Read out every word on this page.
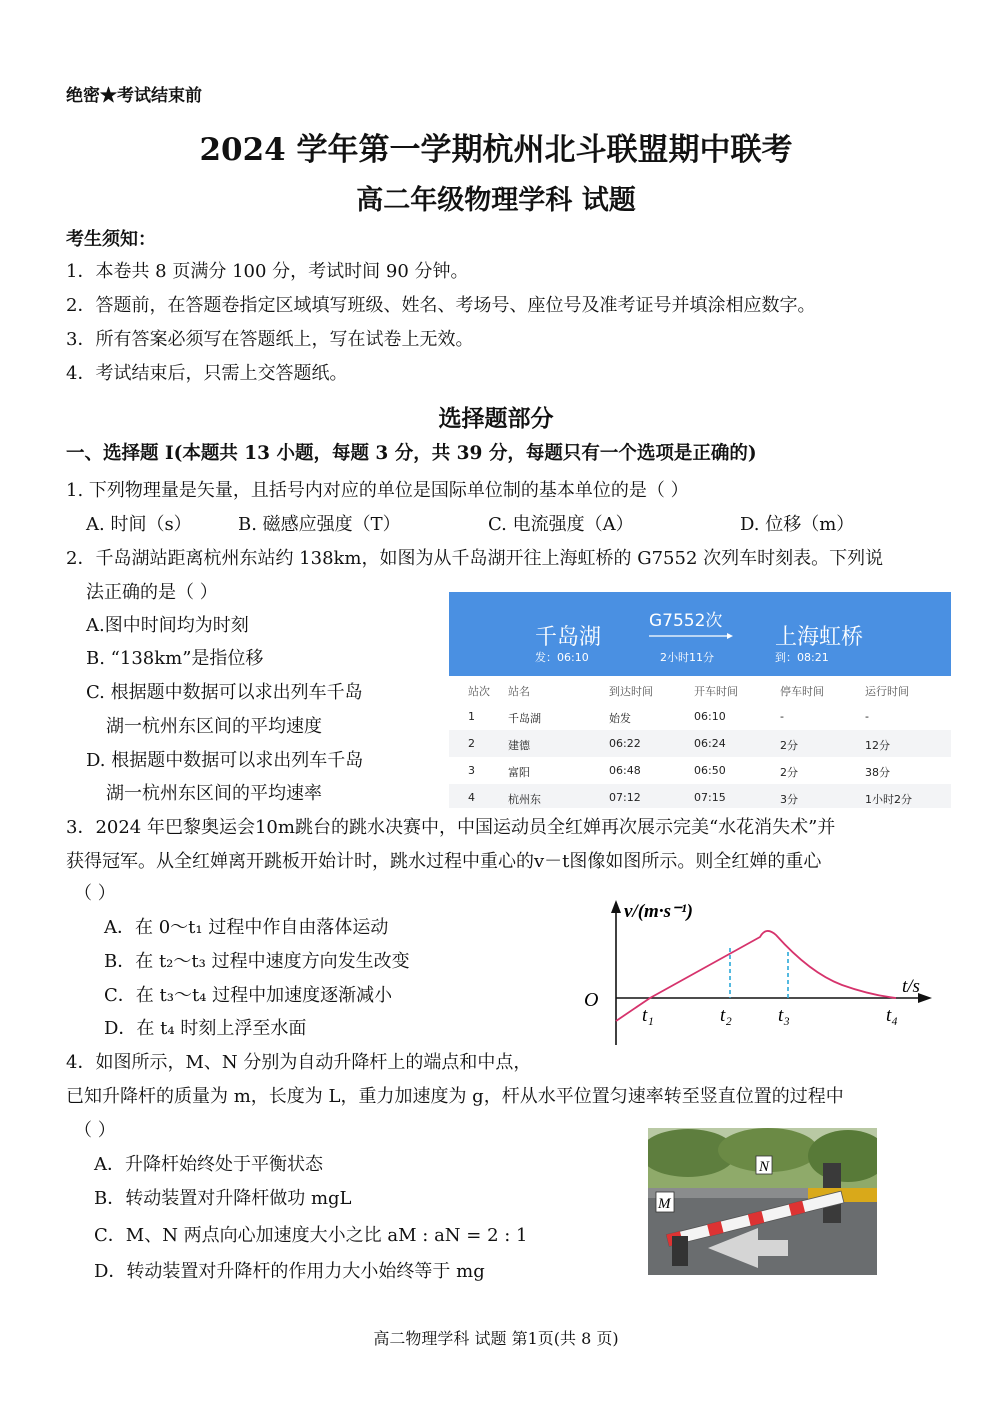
绝密★考试结束前
2024 学年第一学期杭州北斗联盟期中联考
高二年级物理学科 试题
考生须知：
1．本卷共 8 页满分 100 分，考试时间 90 分钟。
2．答题前，在答题卷指定区域填写班级、姓名、考场号、座位号及准考证号并填涂相应数字。
3．所有答案必须写在答题纸上，写在试卷上无效。
4．考试结束后，只需上交答题纸。
选择题部分
一、选择题 I(本题共 13 小题，每题 3 分，共 39 分，每题只有一个选项是正确的)
1. 下列物理量是矢量，且括号内对应的单位是国际单位制的基本单位的是（ ）
A. 时间（s）	B. 磁感应强度（T）	C. 电流强度（A）	D. 位移（m）
2．千岛湖站距离杭州东站约 138km，如图为从千岛湖开往上海虹桥的 G7552 次列车时刻表。下列说
法正确的是（ ）
A.图中时间均为时刻
B. “138km”是指位移
C. 根据题中数据可以求出列车千岛
湖一杭州东区间的平均速度
D. 根据题中数据可以求出列车千岛
湖一杭州东区间的平均速率
千岛湖
发：06:10
G7552次
2小时11分
上海虹桥
到：08:21
站次 站名	到达时间	开车时间	停车时间	运行时间
1	千岛湖	始发	06:10	-	-
2	建德	06:22	06:24	2分	12分
3	富阳	06:48	06:50	2分	38分
4	杭州东	07:12	07:15	3分	1小时2分
3．2024 年巴黎奥运会10m跳台的跳水决赛中，中国运动员全红婵再次展示完美“水花消失术”并
获得冠军。从全红婵离开跳板开始计时，跳水过程中重心的v－t图像如图所示。则全红婵的重心
（ ）
A．在 0～t₁ 过程中作自由落体运动
B．在 t₂～t₃ 过程中速度方向发生改变
C．在 t₃～t₄ 过程中加速度逐渐减小
D．在 t₄ 时刻上浮至水面
v/(m·s⁻¹)
t/s
O
t₁	t₂ t₃	t₄
4．如图所示，M、N 分别为自动升降杆上的端点和中点，
已知升降杆的质量为 m，长度为 L，重力加速度为 g，杆从水平位置匀速率转至竖直位置的过程中
（ ）
A．升降杆始终处于平衡状态
B．转动装置对升降杆做功 mgL
C．M、N 两点向心加速度大小之比 aM : aN = 2 : 1
D．转动装置对升降杆的作用力大小始终等于 mg
N
M
高二物理学科 试题 第1页(共 8 页)
